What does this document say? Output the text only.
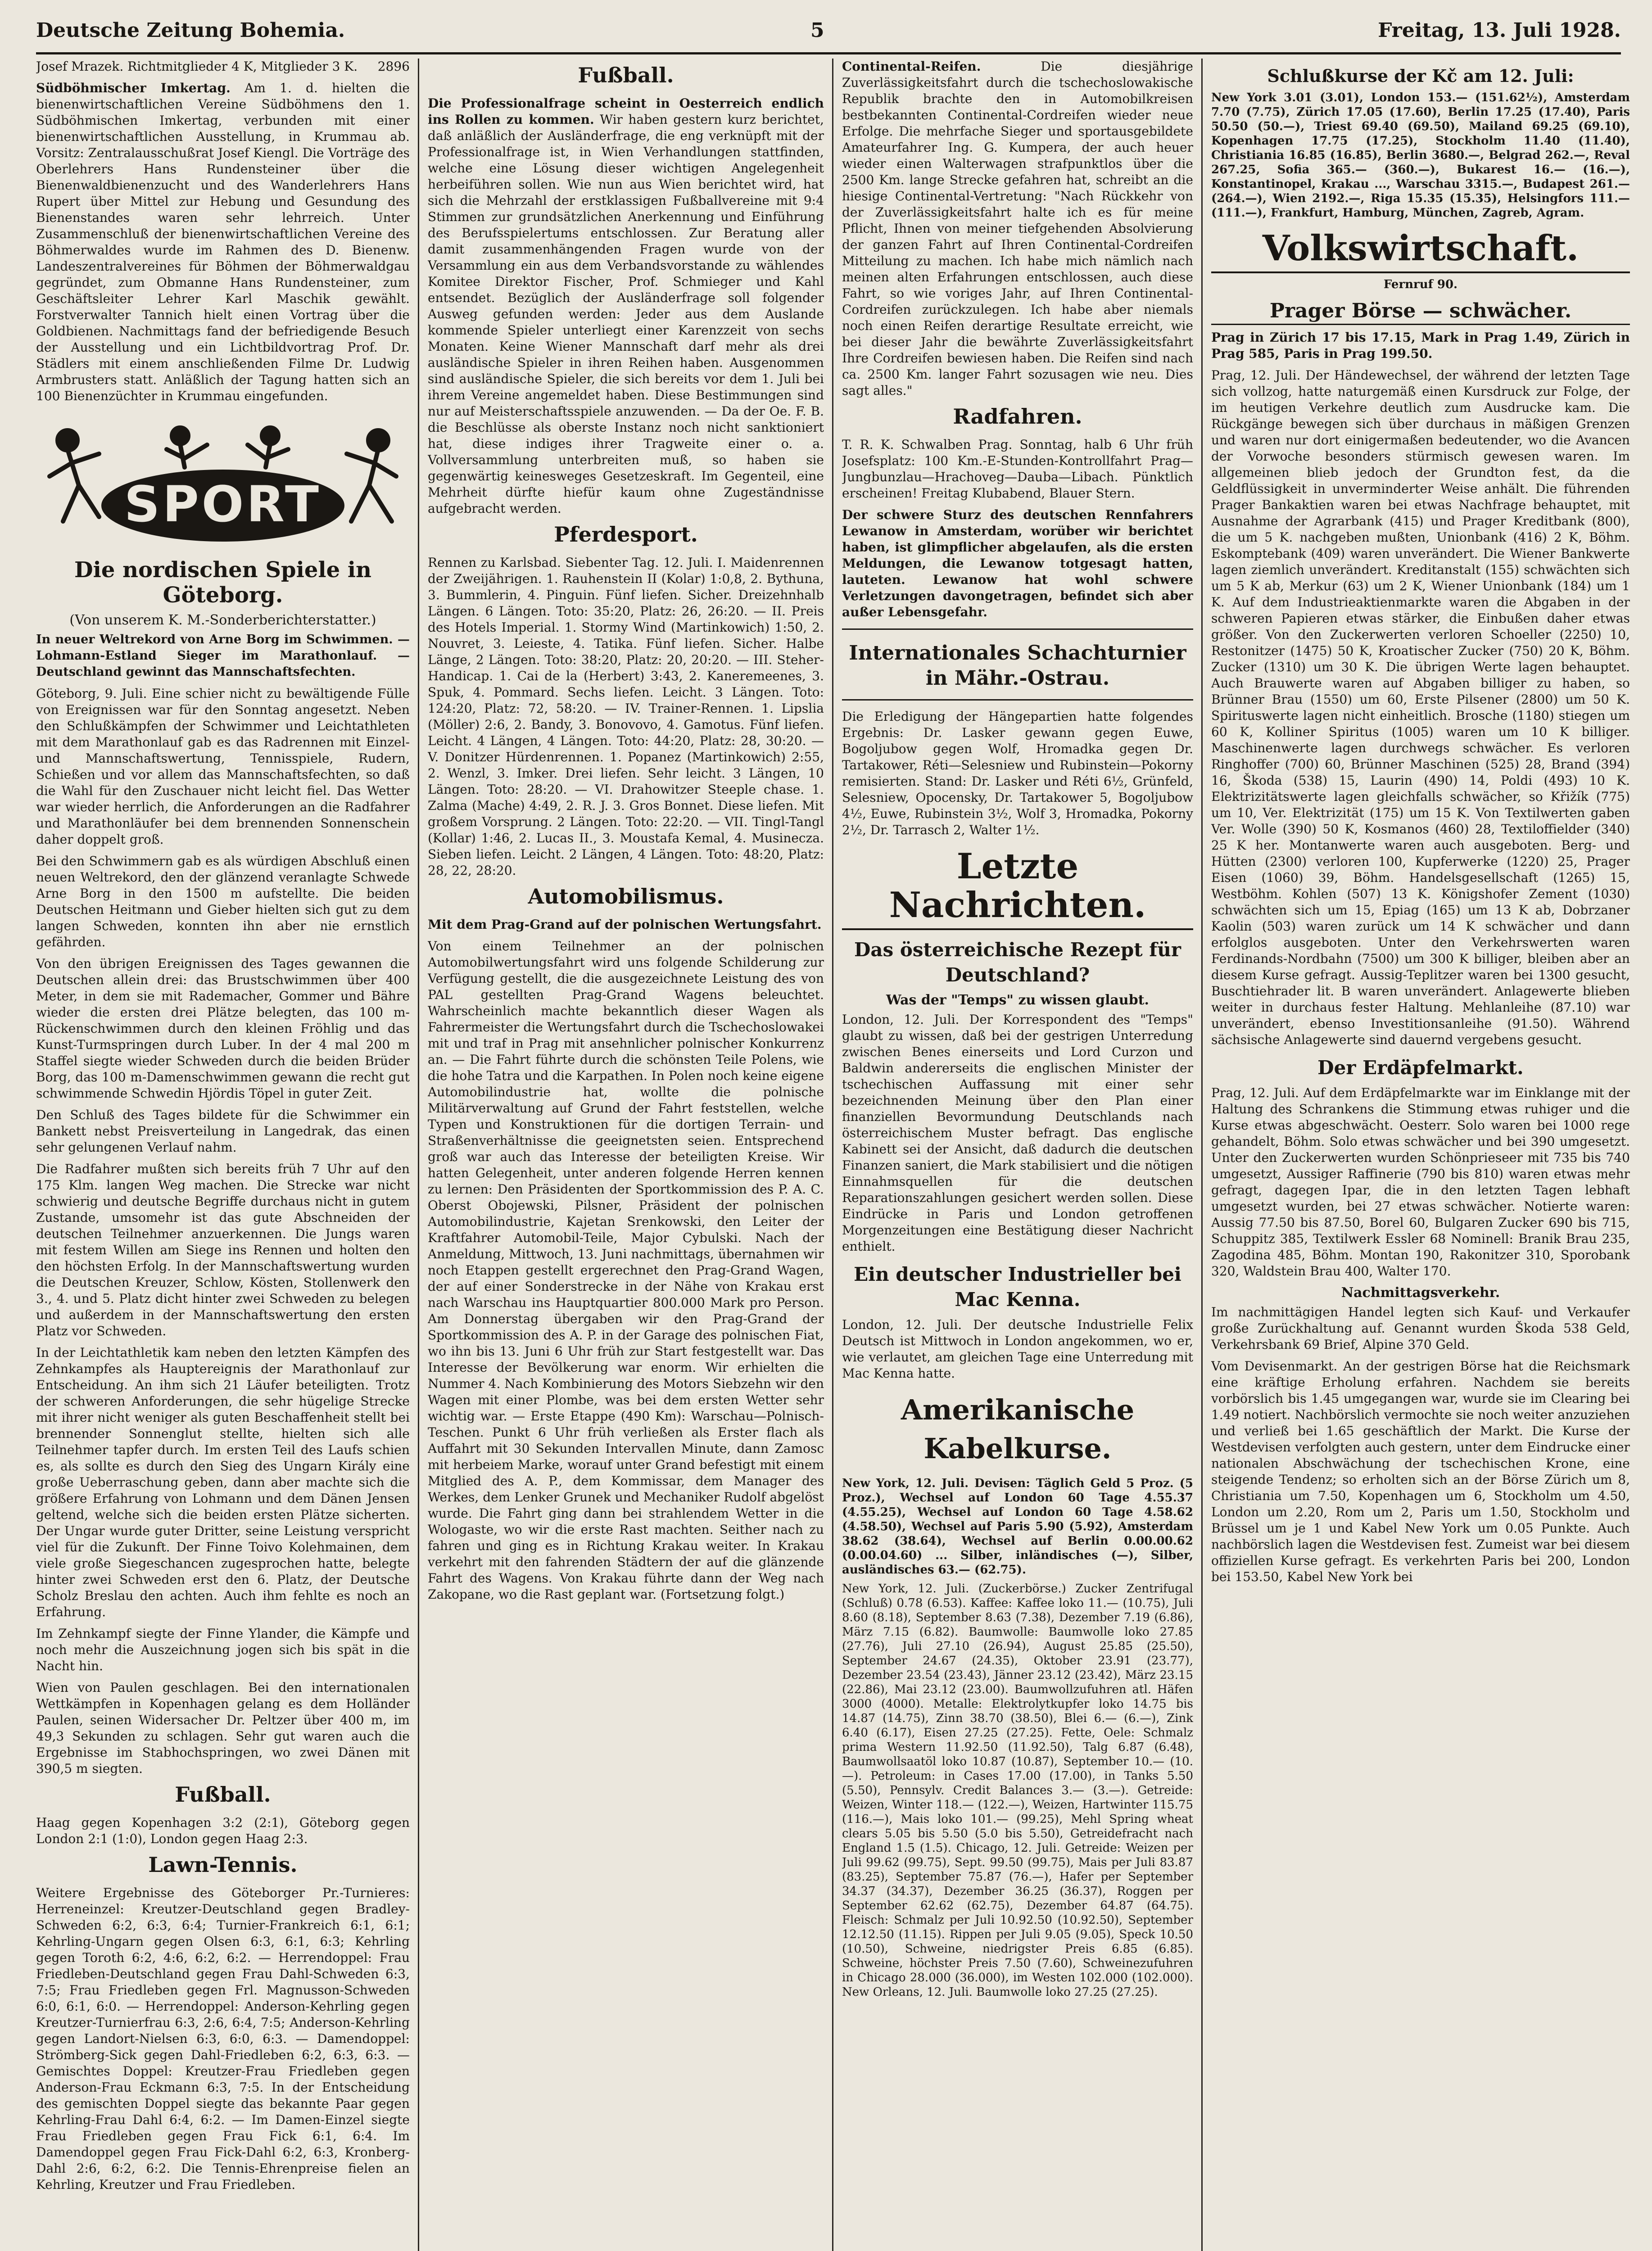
Deutsche Zeitung Bohemia.	5	Freitag, 13. Juli 1928.

Josef Mrazek. Richtmitglieder 4 K, Mitglieder 3 K. 2896

Südböhmischer Imkertag. Am 1. d. hielten die bienenwirtschaftlichen Vereine Südböhmens den 1. Südböhmischen Imkertag, verbunden mit einer bienenwirtschaftlichen Ausstellung, in Krummau ab. Vorsitz: Zentralausschußrat Josef Kiengl. Die Vorträge des Oberlehrers Hans Rundensteiner über die Bienenwaldbienenzucht und des Wanderlehrers Hans Rupert über Mittel zur Hebung und Gesundung des Bienenstandes waren sehr lehrreich. Unter Zusammenschluß der bienenwirtschaftlichen Vereine des Böhmerwaldes wurde im Rahmen des D. Bienenw. Landeszentralvereines für Böhmen der Böhmerwaldgau gegründet, zum Obmanne Hans Rundensteiner, zum Geschäftsleiter Lehrer Karl Maschik gewählt. Forstverwalter Tannich hielt einen Vortrag über die Goldbienen. Nachmittags fand der befriedigende Besuch der Ausstellung und ein Lichtbildvortrag Prof. Dr. Städlers mit einem anschließenden Filme Dr. Ludwig Armbrusters statt. Anläßlich der Tagung hatten sich an 100 Bienenzüchter in Krummau eingefunden.

SPORT
Die nordischen Spiele in Göteborg.
(Von unserem K. M.-Sonderberichterstatter.)

In neuer Weltrekord von Arne Borg im Schwimmen. — Lohmann-Estland Sieger im Marathonlauf. — Deutschland gewinnt das Mannschaftsfechten.

Göteborg, 9. Juli. Eine schier nicht zu bewältigende Fülle von Ereignissen war für den Sonntag angesetzt. Neben den Schlußkämpfen der Schwimmer und Leichtathleten mit dem Marathonlauf gab es das Radrennen mit Einzel- und Mannschaftswertung, Tennisspiele, Rudern, Schießen und vor allem das Mannschaftsfechten, so daß die Wahl für den Zuschauer nicht leicht fiel. Das Wetter war wieder herrlich, die Anforderungen an die Radfahrer und Marathonläufer bei dem brennenden Sonnenschein daher doppelt groß.

Bei den Schwimmern gab es als würdigen Abschluß einen neuen Weltrekord, den der glänzend veranlagte Schwede Arne Borg in den 1500 m aufstellte. Die beiden Deutschen Heitmann und Gieber hielten sich gut zu dem langen Schweden, konnten ihn aber nie ernstlich gefährden.

Von den übrigen Ereignissen des Tages gewannen die Deutschen allein drei: das Brustschwimmen über 400 Meter, in dem sie mit Rademacher, Gommer und Bähre wieder die ersten drei Plätze belegten, das 100 m-Rückenschwimmen durch den kleinen Fröhlig und das Kunst-Turmspringen durch Luber. In der 4 mal 200 m Staffel siegte wieder Schweden durch die beiden Brüder Borg, das 100 m-Damenschwimmen gewann die recht gut schwimmende Schwedin Hjördis Töpel in guter Zeit.

Den Schluß des Tages bildete für die Schwimmer ein Bankett nebst Preisverteilung in Langedrak, das einen sehr gelungenen Verlauf nahm.

Die Radfahrer mußten sich bereits früh 7 Uhr auf den 175 Klm. langen Weg machen. Die Strecke war nicht schwierig und deutsche Begriffe durchaus nicht in gutem Zustande, umsomehr ist das gute Abschneiden der deutschen Teilnehmer anzuerkennen. Die Jungs waren mit festem Willen am Siege ins Rennen und holten den den höchsten Erfolg. In der Mannschaftswertung wurden die Deutschen Kreuzer, Schlow, Kösten, Stollenwerk den 3., 4. und 5. Platz dicht hinter zwei Schweden zu belegen und außerdem in der Mannschaftswertung den ersten Platz vor Schweden.

In der Leichtathletik kam neben den letzten Kämpfen des Zehnkampfes als Hauptereignis der Marathonlauf zur Entscheidung. An ihm sich 21 Läufer beteiligten. Trotz der schweren Anforderungen, die sehr hügelige Strecke mit ihrer nicht weniger als guten Beschaffenheit stellt bei brennender Sonnenglut stellte, hielten sich alle Teilnehmer tapfer durch. Im ersten Teil des Laufs schien es, als sollte es durch den Sieg des Ungarn Király eine große Ueberraschung geben, dann aber machte sich die größere Erfahrung von Lohmann und dem Dänen Jensen geltend, welche sich die beiden ersten Plätze sicherten. Der Ungar wurde guter Dritter, seine Leistung verspricht viel für die Zukunft. Der Finne Toivo Kolehmainen, dem viele große Siegeschancen zugesprochen hatte, belegte hinter zwei Schweden erst den 6. Platz, der Deutsche Scholz Breslau den achten. Auch ihm fehlte es noch an Erfahrung.

Im Zehnkampf siegte der Finne Ylander, die Kämpfe und noch mehr die Auszeichnung jogen sich bis spät in die Nacht hin.

Wien von Paulen geschlagen. Bei den internationalen Wettkämpfen in Kopenhagen gelang es dem Holländer Paulen, seinen Widersacher Dr. Peltzer über 400 m, im 49,3 Sekunden zu schlagen. Sehr gut waren auch die Ergebnisse im Stabhochspringen, wo zwei Dänen mit 390,5 m siegten.

Fußball.

Haag gegen Kopenhagen 3:2 (2:1), Göteborg gegen London 2:1 (1:0), London gegen Haag 2:3.

Lawn-Tennis.

Weitere Ergebnisse des Göteborger Pr.-Turnieres: Herreneinzel: Kreutzer-Deutschland gegen Bradley-Schweden 6:2, 6:3, 6:4; Turnier-Frankreich 6:1, 6:1; Kehrling-Ungarn gegen Olsen 6:3, 6:1, 6:3; Kehrling gegen Toroth 6:2, 4:6, 6:2, 6:2. — Herrendoppel: Frau Friedleben-Deutschland gegen Frau Dahl-Schweden 6:3, 7:5; Frau Friedleben gegen Frl. Magnusson-Schweden 6:0, 6:1, 6:0. — Herrendoppel: Anderson-Kehrling gegen Kreutzer-Turnierfrau 6:3, 2:6, 6:4, 7:5; Anderson-Kehrling gegen Landort-Nielsen 6:3, 6:0, 6:3. — Damendoppel: Strömberg-Sick gegen Dahl-Friedleben 6:2, 6:3, 6:3. — Gemischtes Doppel: Kreutzer-Frau Friedleben gegen Anderson-Frau Eckmann 6:3, 7:5. In der Entscheidung des gemischten Doppel siegte das bekannte Paar gegen Kehrling-Frau Dahl 6:4, 6:2. — Im Damen-Einzel siegte Frau Friedleben gegen Frau Fick 6:1, 6:4. Im Damendoppel gegen Frau Fick-Dahl 6:2, 6:3, Kronberg-Dahl 2:6, 6:2, 6:2. Die Tennis-Ehrenpreise fielen an Kehrling, Kreutzer und Frau Friedleben.

Fußball.

Die Professionalfrage scheint in Oesterreich endlich ins Rollen zu kommen. Wir haben gestern kurz berichtet, daß anläßlich der Ausländerfrage, die eng verknüpft mit der Professionalfrage ist, in Wien Verhandlungen stattfinden, welche eine Lösung dieser wichtigen Angelegenheit herbeiführen sollen. Wie nun aus Wien berichtet wird, hat sich die Mehrzahl der erstklassigen Fußballvereine mit 9:4 Stimmen zur grundsätzlichen Anerkennung und Einführung des Berufsspielertums entschlossen. Zur Beratung aller damit zusammenhängenden Fragen wurde von der Versammlung ein aus dem Verbandsvorstande zu wählendes Komitee Direktor Fischer, Prof. Schmieger und Kahl entsendet. Bezüglich der Ausländerfrage soll folgender Ausweg gefunden werden: Jeder aus dem Auslande kommende Spieler unterliegt einer Karenzzeit von sechs Monaten. Keine Wiener Mannschaft darf mehr als drei ausländische Spieler in ihren Reihen haben. Ausgenommen sind ausländische Spieler, die sich bereits vor dem 1. Juli bei ihrem Vereine angemeldet haben. Diese Bestimmungen sind nur auf Meisterschaftsspiele anzuwenden. — Da der Oe. F. B. die Beschlüsse als oberste Instanz noch nicht sanktioniert hat, diese indiges ihrer Tragweite einer o. a. Vollversammlung unterbreiten muß, so haben sie gegenwärtig keinesweges Gesetzeskraft. Im Gegenteil, eine Mehrheit dürfte hiefür kaum ohne Zugeständnisse aufgebracht werden.

Pferdesport.

Rennen zu Karlsbad. Siebenter Tag. 12. Juli. I. Maidenrennen der Zweijährigen. 1. Rauhenstein II (Kolar) 1:0,8, 2. Bythuna, 3. Bummlerin, 4. Pinguin. Fünf liefen. Sicher. Dreizehnhalb Längen. 6 Längen. Toto: 35:20, Platz: 26, 26:20. — II. Preis des Hotels Imperial. 1. Stormy Wind (Martinkowich) 1:50, 2. Nouvret, 3. Leieste, 4. Tatika. Fünf liefen. Sicher. Halbe Länge, 2 Längen. Toto: 38:20, Platz: 20, 20:20. — III. Steher-Handicap. 1. Cai de la (Herbert) 3:43, 2. Kaneremeenes, 3. Spuk, 4. Pommard. Sechs liefen. Leicht. 3 Längen. Toto: 124:20, Platz: 72, 58:20. — IV. Trainer-Rennen. 1. Lipslia (Möller) 2:6, 2. Bandy, 3. Bonovovo, 4. Gamotus. Fünf liefen. Leicht. 4 Längen, 4 Längen. Toto: 44:20, Platz: 28, 30:20. — V. Donitzer Hürdenrennen. 1. Popanez (Martinkowich) 2:55, 2. Wenzl, 3. Imker. Drei liefen. Sehr leicht. 3 Längen, 10 Längen. Toto: 28:20. — VI. Drahowitzer Steeple chase. 1. Zalma (Mache) 4:49, 2. R. J. 3. Gros Bonnet. Diese liefen. Mit großem Vorsprung. 2 Längen. Toto: 22:20. — VII. Tingl-Tangl (Kollar) 1:46, 2. Lucas II., 3. Moustafa Kemal, 4. Musinecza. Sieben liefen. Leicht. 2 Längen, 4 Längen. Toto: 48:20, Platz: 28, 22, 28:20.

Automobilismus.

Mit dem Prag-Grand auf der polnischen Wertungsfahrt.

Von einem Teilnehmer an der polnischen Automobilwertungsfahrt wird uns folgende Schilderung zur Verfügung gestellt, die die ausgezeichnete Leistung des von PAL gestellten Prag-Grand Wagens beleuchtet. Wahrscheinlich machte bekanntlich dieser Wagen als Fahrermeister die Wertungsfahrt durch die Tschechoslowakei mit und traf in Prag mit ansehnlicher polnischer Konkurrenz an. — Die Fahrt führte durch die schönsten Teile Polens, wie die hohe Tatra und die Karpathen. In Polen noch keine eigene Automobilindustrie hat, wollte die polnische Militärverwaltung auf Grund der Fahrt feststellen, welche Typen und Konstruktionen für die dortigen Terrain- und Straßenverhältnisse die geeignetsten seien. Entsprechend groß war auch das Interesse der beteiligten Kreise. Wir hatten Gelegenheit, unter anderen folgende Herren kennen zu lernen: Den Präsidenten der Sportkommission des P. A. C. Oberst Obojewski, Pilsner, Präsident der polnischen Automobilindustrie, Kajetan Srenkowski, den Leiter der Kraftfahrer Automobil-Teile, Major Cybulski. Nach der Anmeldung, Mittwoch, 13. Juni nachmittags, übernahmen wir noch Etappen gestellt ergerechnet den Prag-Grand Wagen, der auf einer Sonderstrecke in der Nähe von Krakau erst nach Warschau ins Hauptquartier 800.000 Mark pro Person. Am Donnerstag übergaben wir den Prag-Grand der Sportkommission des A. P. in der Garage des polnischen Fiat, wo ihn bis 13. Juni 6 Uhr früh zur Start festgestellt war. Das Interesse der Bevölkerung war enorm. Wir erhielten die Nummer 4. Nach Kombinierung des Motors Siebzehn wir den Wagen mit einer Plombe, was bei dem ersten Wetter sehr wichtig war. — Erste Etappe (490 Km): Warschau—Polnisch-Teschen. Punkt 6 Uhr früh verließen als Erster flach als Auffahrt mit 30 Sekunden Intervallen Minute, dann Zamosc mit herbeiem Marke, worauf unter Grand befestigt mit einem Mitglied des A. P., dem Kommissar, dem Manager des Werkes, dem Lenker Grunek und Mechaniker Rudolf abgelöst wurde. Die Fahrt ging dann bei strahlendem Wetter in die Wologaste, wo wir die erste Rast machten. Seither nach zu fahren und ging es in Richtung Krakau weiter. In Krakau verkehrt mit den fahrenden Städtern der auf die glänzende Fahrt des Wagens. Von Krakau führte dann der Weg nach Zakopane, wo die Rast geplant war. (Fortsetzung folgt.)

Continental-Reifen.	Die diesjährige Zuverlässigkeitsfahrt durch die tschechoslowakische Republik brachte den in Automobilkreisen bestbekannten Continental-Cordreifen wieder neue Erfolge. Die mehrfache Sieger und sportausgebildete Amateurfahrer Ing. G. Kumpera, der auch heuer wieder einen Walterwagen strafpunktlos über die 2500 Km. lange Strecke gefahren hat, schreibt an die hiesige Continental-Vertretung: "Nach Rückkehr von der Zuverlässigkeitsfahrt halte ich es für meine Pflicht, Ihnen von meiner tiefgehenden Absolvierung der ganzen Fahrt auf Ihren Continental-Cordreifen Mitteilung zu machen. Ich habe mich nämlich nach meinen alten Erfahrungen entschlossen, auch diese Fahrt, so wie voriges Jahr, auf Ihren Continental-Cordreifen zurückzulegen. Ich habe aber niemals noch einen Reifen derartige Resultate erreicht, wie bei dieser Jahr die bewährte Zuverlässigkeitsfahrt Ihre Cordreifen bewiesen haben. Die Reifen sind nach ca. 2500 Km. langer Fahrt sozusagen wie neu. Dies sagt alles."

Radfahren.

T. R. K. Schwalben Prag. Sonntag, halb 6 Uhr früh Josefsplatz: 100 Km.-E-Stunden-Kontrollfahrt Prag—Jungbunzlau—Hrachoveg—Dauba—Libach. Pünktlich erscheinen! Freitag Klubabend, Blauer Stern.

Der schwere Sturz des deutschen Rennfahrers Lewanow in Amsterdam, worüber wir berichtet haben, ist glimpflicher abgelaufen, als die ersten Meldungen, die Lewanow totgesagt hatten, lauteten. Lewanow hat wohl schwere Verletzungen davongetragen, befindet sich aber außer Lebensgefahr.

Internationales Schachturnier in Mähr.-Ostrau.

Die Erledigung der Hängepartien hatte folgendes Ergebnis: Dr. Lasker gewann gegen Euwe, Bogoljubow gegen Wolf, Hromadka gegen Dr. Tartakower, Réti—Selesniew und Rubinstein—Pokorny remisierten. Stand: Dr. Lasker und Réti 6½, Grünfeld, Selesniew, Opocensky, Dr. Tartakower 5, Bogoljubow 4½, Euwe, Rubinstein 3½, Wolf 3, Hromadka, Pokorny 2½, Dr. Tarrasch 2, Walter 1½.

Letzte Nachrichten.
Das österreichische Rezept für Deutschland?
Was der "Temps" zu wissen glaubt.

London, 12. Juli. Der Korrespondent des "Temps" glaubt zu wissen, daß bei der gestrigen Unterredung zwischen Benes einerseits und Lord Curzon und Baldwin andererseits die englischen Minister der tschechischen Auffassung mit einer sehr bezeichnenden Meinung über den Plan einer finanziellen Bevormundung Deutschlands nach österreichischem Muster befragt. Das englische Kabinett sei der Ansicht, daß dadurch die deutschen Finanzen saniert, die Mark stabilisiert und die nötigen Einnahmsquellen für die deutschen Reparationszahlungen gesichert werden sollen. Diese Eindrücke in Paris und London getroffenen Morgenzeitungen eine Bestätigung dieser Nachricht enthielt.

Ein deutscher Industrieller bei Mac Kenna.

London, 12. Juli. Der deutsche Industrielle Felix Deutsch ist Mittwoch in London angekommen, wo er, wie verlautet, am gleichen Tage eine Unterredung mit Mac Kenna hatte.

Amerikanische Kabelkurse.

New York, 12. Juli. Devisen: Täglich Geld 5 Proz. (5 Proz.), Wechsel auf London 60 Tage 4.55.37 (4.55.25), Wechsel auf London 60 Tage 4.58.62 (4.58.50), Wechsel auf Paris 5.90 (5.92), Amsterdam 38.62 (38.64), Wechsel auf Berlin 0.00.00.62 (0.00.04.60) ... Silber, inländisches (—), Silber, ausländisches 63.— (62.75).

New York, 12. Juli. (Zuckerbörse.) Zucker Zentrifugal (Schluß) 0.78 (6.53). Kaffee: Kaffee loko 11.— (10.75), Juli 8.60 (8.18), September 8.63 (7.38), Dezember 7.19 (6.86), März 7.15 (6.82). Baumwolle: Baumwolle loko 27.85 (27.76), Juli 27.10 (26.94), August 25.85 (25.50), September 24.67 (24.35), Oktober 23.91 (23.77), Dezember 23.54 (23.43), Jänner 23.12 (23.42), März 23.15 (22.86), Mai 23.12 (23.00). Baumwollzufuhren atl. Häfen 3000 (4000). Metalle: Elektrolytkupfer loko 14.75 bis 14.87 (14.75), Zinn 38.70 (38.50), Blei 6.— (6.—), Zink 6.40 (6.17), Eisen 27.25 (27.25). Fette, Oele: Schmalz prima Western 11.92.50 (11.92.50), Talg 6.87 (6.48), Baumwollsaatöl loko 10.87 (10.87), September 10.— (10.—). Petroleum: in Cases 17.00 (17.00), in Tanks 5.50 (5.50), Pennsylv. Credit Balances 3.— (3.—). Getreide: Weizen, Winter 118.— (122.—), Weizen, Hartwinter 115.75 (116.—), Mais loko 101.— (99.25), Mehl Spring wheat clears 5.05 bis 5.50 (5.0 bis 5.50), Getreidefracht nach England 1.5 (1.5). Chicago, 12. Juli. Getreide: Weizen per Juli 99.62 (99.75), Sept. 99.50 (99.75), Mais per Juli 83.87 (83.25), September 75.87 (76.—), Hafer per September 34.37 (34.37), Dezember 36.25 (36.37), Roggen per September 62.62 (62.75), Dezember 64.87 (64.75). Fleisch: Schmalz per Juli 10.92.50 (10.92.50), September 12.12.50 (11.15). Rippen per Juli 9.05 (9.05), Speck 10.50 (10.50), Schweine, niedrigster Preis 6.85 (6.85). Schweine, höchster Preis 7.50 (7.60), Schweinezufuhren in Chicago 28.000 (36.000), im Westen 102.000 (102.000). New Orleans, 12. Juli. Baumwolle loko 27.25 (27.25).

Schlußkurse der Kč am 12. Juli:

New York 3.01 (3.01), London 153.— (151.62½), Amsterdam 7.70 (7.75), Zürich 17.05 (17.60), Berlin 17.25 (17.40), Paris 50.50 (50.—), Triest 69.40 (69.50), Mailand 69.25 (69.10), Kopenhagen 17.75 (17.25), Stockholm 11.40 (11.40), Christiania 16.85 (16.85), Berlin 3680.—, Belgrad 262.—, Reval 267.25, Sofia 365.— (360.—), Bukarest 16.— (16.—), Konstantinopel, Krakau ..., Warschau 3315.—, Budapest 261.— (264.—), Wien 2192.—, Riga 15.35 (15.35), Helsingfors 111.— (111.—), Frankfurt, Hamburg, München, Zagreb, Agram.

Volkswirtschaft.
Fernruf 90.
Prager Börse — schwächer.

Prag in Zürich 17 bis 17.15, Mark in Prag 1.49, Zürich in Prag 585, Paris in Prag 199.50.

Prag, 12. Juli. Der Händewechsel, der während der letzten Tage sich vollzog, hatte naturgemäß einen Kursdruck zur Folge, der im heutigen Verkehre deutlich zum Ausdrucke kam. Die Rückgänge bewegen sich über durchaus in mäßigen Grenzen und waren nur dort einigermaßen bedeutender, wo die Avancen der Vorwoche besonders stürmisch gewesen waren. Im allgemeinen blieb jedoch der Grundton fest, da die Geldflüssigkeit in unverminderter Weise anhält. Die führenden Prager Bankaktien waren bei etwas Nachfrage behauptet, mit Ausnahme der Agrarbank (415) und Prager Kreditbank (800), die um 5 K. nachgeben mußten, Unionbank (416) 2 K, Böhm. Eskomptebank (409) waren unverändert. Die Wiener Bankwerte lagen ziemlich unverändert. Kreditanstalt (155) schwächten sich um 5 K ab, Merkur (63) um 2 K, Wiener Unionbank (184) um 1 K. Auf dem Industrieaktienmarkte waren die Abgaben in der schweren Papieren etwas stärker, die Einbußen daher etwas größer. Von den Zuckerwerten verloren Schoeller (2250) 10, Restonitzer (1475) 50 K, Kroatischer Zucker (750) 20 K, Böhm. Zucker (1310) um 30 K. Die übrigen Werte lagen behauptet. Auch Brauwerte waren auf Abgaben billiger zu haben, so Brünner Brau (1550) um 60, Erste Pilsener (2800) um 50 K. Spirituswerte lagen nicht einheitlich. Brosche (1180) stiegen um 60 K, Kolliner Spiritus (1005) waren um 10 K billiger. Maschinenwerte lagen durchwegs schwächer. Es verloren Ringhoffer (700) 60, Brünner Maschinen (525) 28, Brand (394) 16, Škoda (538) 15, Laurin (490) 14, Poldi (493) 10 K. Elektrizitätswerte lagen gleichfalls schwächer, so Křižík (775) um 10, Ver. Elektrizität (175) um 15 K. Von Textilwerten gaben Ver. Wolle (390) 50 K, Kosmanos (460) 28, Textiloffielder (340) 25 K her. Montanwerte waren auch ausgeboten. Berg- und Hütten (2300) verloren 100, Kupferwerke (1220) 25, Prager Eisen (1060) 39, Böhm. Handelsgesellschaft (1265) 15, Westböhm. Kohlen (507) 13 K. Königshofer Zement (1030) schwächten sich um 15, Epiag (165) um 13 K ab, Dobrzaner Kaolin (503) waren zurück um 14 K schwächer und dann erfolglos ausgeboten. Unter den Verkehrswerten waren Ferdinands-Nordbahn (7500) um 300 K billiger, bleiben aber an diesem Kurse gefragt. Aussig-Teplitzer waren bei 1300 gesucht, Buschtiehrader lit. B waren unverändert. Anlagewerte blieben weiter in durchaus fester Haltung. Mehlanleihe (87.10) war unverändert, ebenso Investitionsanleihe (91.50). Während sächsische Anlagewerte sind dauernd vergebens gesucht.

Der Erdäpfelmarkt.

Prag, 12. Juli. Auf dem Erdäpfelmarkte war im Einklange mit der Haltung des Schrankens die Stimmung etwas ruhiger und die Kurse etwas abgeschwächt. Oesterr. Solo waren bei 1000 rege gehandelt, Böhm. Solo etwas schwächer und bei 390 umgesetzt. Unter den Zuckerwerten wurden Schönprieseer mit 735 bis 740 umgesetzt, Aussiger Raffinerie (790 bis 810) waren etwas mehr gefragt, dagegen Ipar, die in den letzten Tagen lebhaft umgesetzt wurden, bei 27 etwas schwächer. Notierte waren: Aussig 77.50 bis 87.50, Borel 60, Bulgaren Zucker 690 bis 715, Schuppitz 385, Textilwerk Essler 68 Nominell: Branik Brau 235, Zagodina 485, Böhm. Montan 190, Rakonitzer 310, Sporobank 320, Waldstein Brau 400, Walter 170.

Nachmittagsverkehr.

Im nachmittägigen Handel legten sich Kauf- und Verkaufer große Zurückhaltung auf. Genannt wurden Škoda 538 Geld, Verkehrsbank 69 Brief, Alpine 370 Geld.

Vom Devisenmarkt. An der gestrigen Börse hat die Reichsmark eine kräftige Erholung erfahren. Nachdem sie bereits vorbörslich bis 1.45 umgegangen war, wurde sie im Clearing bei 1.49 notiert. Nachbörslich vermochte sie noch weiter anzuziehen und verließ bei 1.65 geschäftlich der Markt. Die Kurse der Westdevisen verfolgten auch gestern, unter dem Eindrucke einer nationalen Abschwächung der tschechischen Krone, eine steigende Tendenz; so erholten sich an der Börse Zürich um 8, Christiania um 7.50, Kopenhagen um 6, Stockholm um 4.50, London um 2.20, Rom um 2, Paris um 1.50, Stockholm und Brüssel um je 1 und Kabel New York um 0.05 Punkte. Auch nachbörslich lagen die Westdevisen fest. Zumeist war bei diesem offiziellen Kurse gefragt. Es verkehrten Paris bei 200, London bei 153.50, Kabel New York bei
